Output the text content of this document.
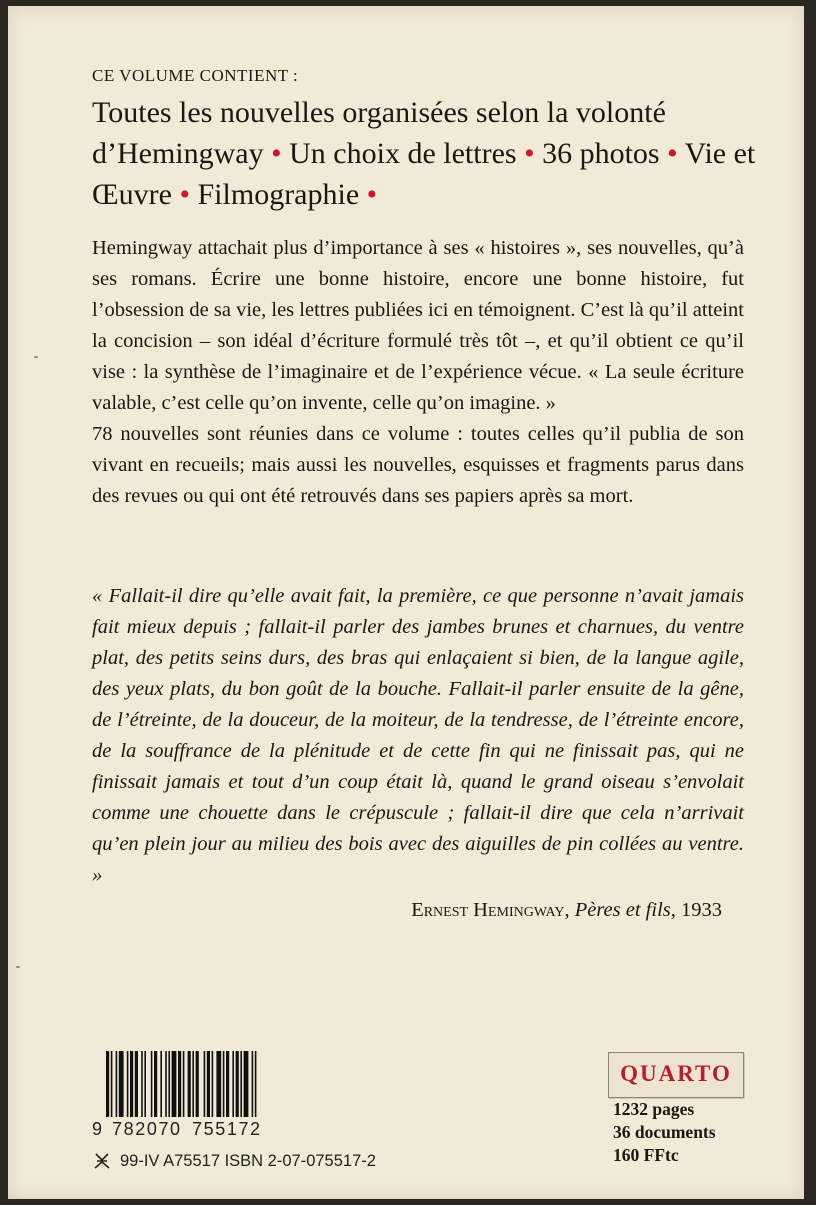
CE VOLUME CONTIENT :
Toutes les nouvelles organisées selon la volonté d’Hemingway • Un choix de lettres • 36 photos • Vie et Œuvre • Filmographie •

Hemingway attachait plus d’importance à ses « histoires », ses nouvelles, qu’à ses romans. Écrire une bonne histoire, encore une bonne histoire, fut l’obsession de sa vie, les lettres publiées ici en témoignent. C’est là qu’il atteint la concision – son idéal d’écriture formulé très tôt –, et qu’il obtient ce qu’il vise : la synthèse de l’imaginaire et de l’expérience vécue. « La seule écriture valable, c’est celle qu’on invente, celle qu’on imagine. »

78 nouvelles sont réunies dans ce volume : toutes celles qu’il publia de son vivant en recueils; mais aussi les nouvelles, esquisses et fragments parus dans des revues ou qui ont été retrouvés dans ses papiers après sa mort.

« Fallait-il dire qu’elle avait fait, la première, ce que personne n’avait jamais fait mieux depuis ; fallait-il parler des jambes brunes et charnues, du ventre plat, des petits seins durs, des bras qui enlaçaient si bien, de la langue agile, des yeux plats, du bon goût de la bouche. Fallait-il parler ensuite de la gêne, de l’étreinte, de la douceur, de la moiteur, de la tendresse, de l’étreinte encore, de la souffrance de la plénitude et de cette fin qui ne finissait pas, qui ne finissait jamais et tout d’un coup était là, quand le grand oiseau s’envolait comme une chouette dans le crépuscule ; fallait-il dire que cela n’arrivait qu’en plein jour au milieu des bois avec des aiguilles de pin collées au ventre. »

Ernest Hemingway, Pères et fils, 1933
9 782070 755172
99-IV A75517 ISBN 2-07-075517-2
QUARTO
1232 pages
36 documents
160 FFtc
